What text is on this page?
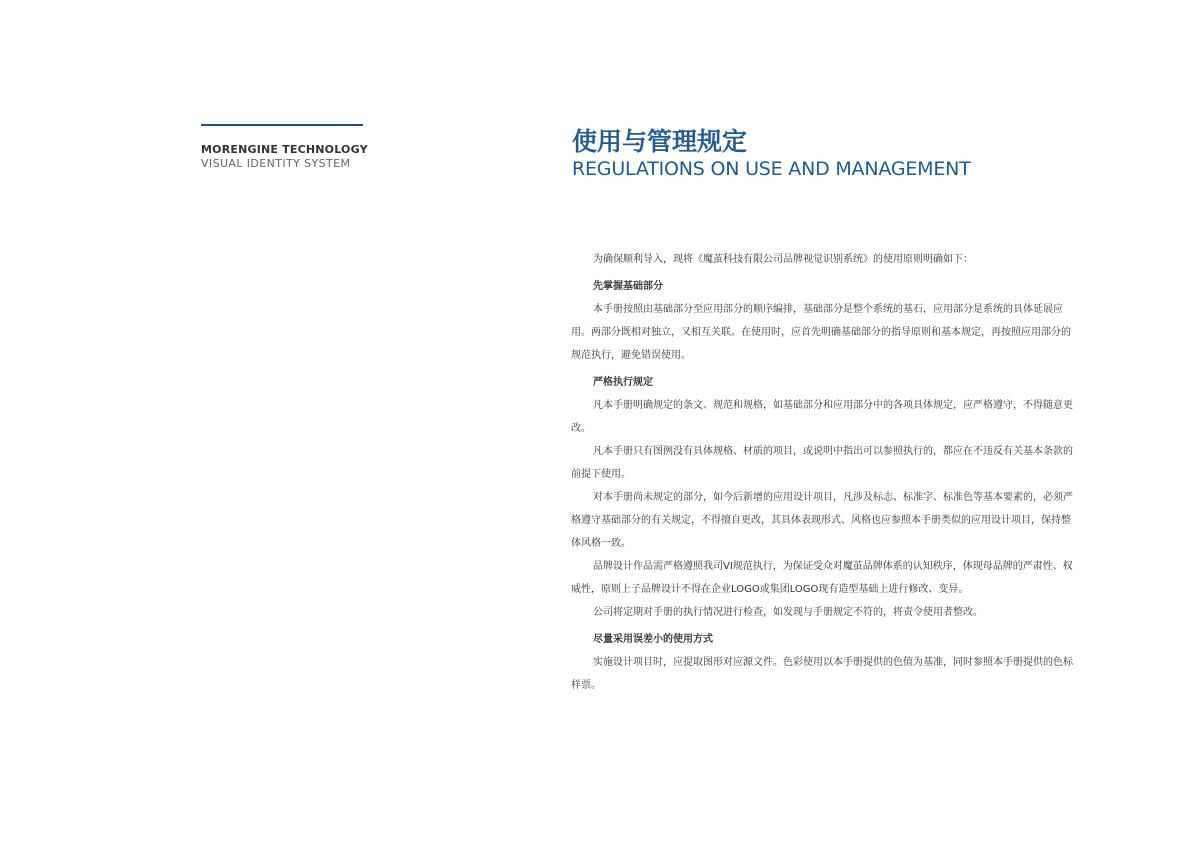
MORENGINE TECHNOLOGY
VISUAL IDENTITY SYSTEM
使用与管理规定
REGULATIONS ON USE AND MANAGEMENT

为确保顺利导入，现将《魔茧科技有限公司品牌视觉识别系统》的使用原则明确如下：

先掌握基础部分

本手册按照由基础部分至应用部分的顺序编排，基础部分是整个系统的基石，应用部分是系统的具体延展应用。两部分既相对独立，又相互关联。在使用时，应首先明确基础部分的指导原则和基本规定，再按照应用部分的规范执行，避免错误使用。

严格执行规定

凡本手册明确规定的条文、规范和规格，如基础部分和应用部分中的各项具体规定，应严格遵守，不得随意更改。

凡本手册只有图例没有具体规格、材质的项目，或说明中指出可以参照执行的，都应在不违反有关基本条款的前提下使用。

对本手册尚未规定的部分，如今后新增的应用设计项目，凡涉及标志、标准字、标准色等基本要素的，必须严格遵守基础部分的有关规定，不得擅自更改，其具体表现形式、风格也应参照本手册类似的应用设计项目，保持整体风格一致。

品牌设计作品需严格遵照我司VI规范执行，为保证受众对魔茧品牌体系的认知秩序，体现母品牌的严肃性、权威性，原则上子品牌设计不得在企业LOGO或集团LOGO现有造型基础上进行修改、变异。

公司将定期对手册的执行情况进行检查，如发现与手册规定不符的，将责令使用者整改。

尽量采用误差小的使用方式

实施设计项目时，应提取图形对应源文件。色彩使用以本手册提供的色值为基准，同时参照本手册提供的色标样票。
